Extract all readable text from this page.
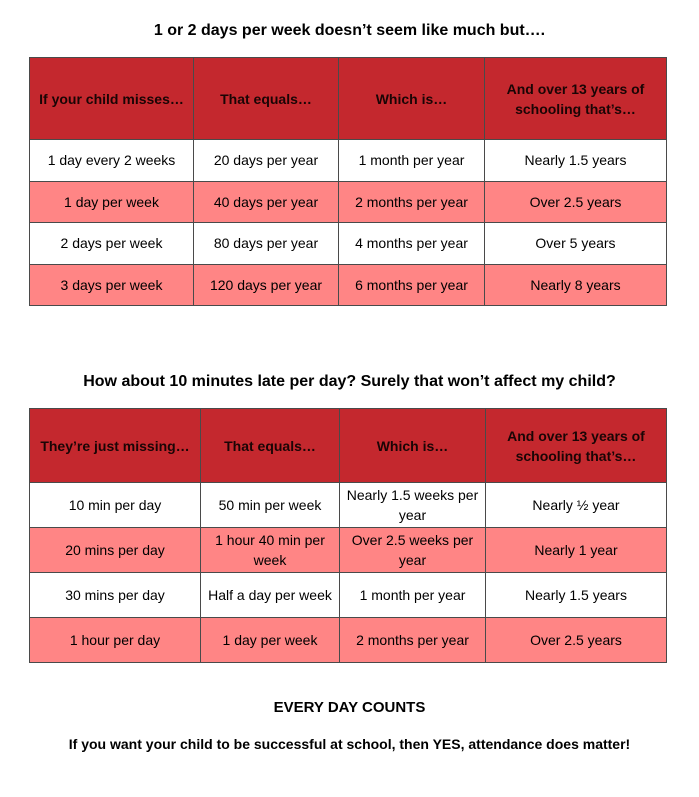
1 or 2 days per week doesn’t seem like much but….
If your child misses…	That equals…	Which is…	And over 13 years of schooling that’s…
1 day every 2 weeks	20 days per year	1 month per year	Nearly 1.5 years
1 day per week	40 days per year	2 months per year	Over 2.5 years
2 days per week	80 days per year	4 months per year	Over 5 years
3 days per week	120 days per year	6 months per year	Nearly 8 years
How about 10 minutes late per day? Surely that won’t affect my child?
They’re just missing…	That equals…	Which is…	And over 13 years of schooling that’s…
10 min per day	50 min per week	Nearly 1.5 weeks per year	Nearly ½ year
20 mins per day	1 hour 40 min per week	Over 2.5 weeks per year	Nearly 1 year
30 mins per day	Half a day per week	1 month per year	Nearly 1.5 years
1 hour per day	1 day per week	2 months per year	Over 2.5 years
EVERY DAY COUNTS
If you want your child to be successful at school, then YES, attendance does matter!
